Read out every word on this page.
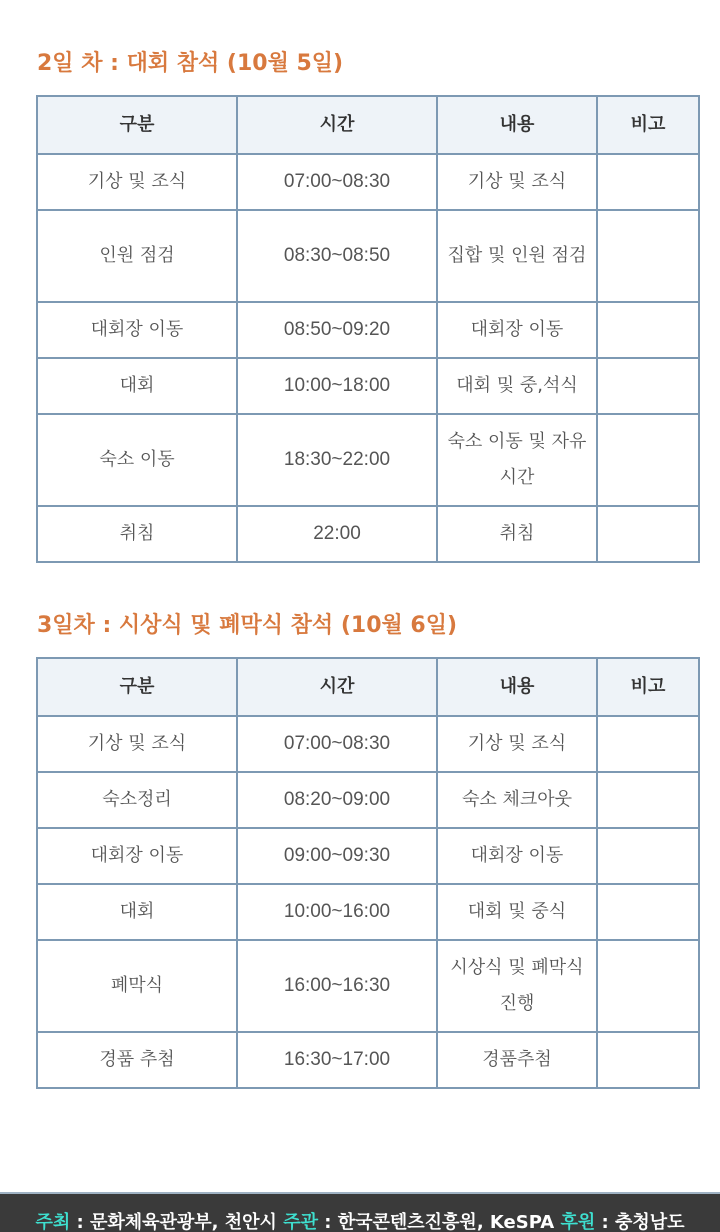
2일 차 : 대회 참석 (10월 5일)
구분	시간	내용	비고
기상 및 조식	07:00~08:30	기상 및 조식	
인원 점검	08:30~08:50	집합 및 인원 점검	
대회장 이동	08:50~09:20	대회장 이동	
대회	10:00~18:00	대회 및 중,석식	
숙소 이동	18:30~22:00	숙소 이동 및 자유시간	
취침	22:00	취침	
3일차 : 시상식 및 폐막식 참석 (10월 6일)
구분	시간	내용	비고
기상 및 조식	07:00~08:30	기상 및 조식	
숙소정리	08:20~09:00	숙소 체크아웃	
대회장 이동	09:00~09:30	대회장 이동	
대회	10:00~16:00	대회 및 중식	
폐막식	16:00~16:30	시상식 및 폐막식 진행	
경품 추첨	16:30~17:00	경품추첨	
주최 : 문화체육관광부, 천안시 주관 : 한국콘텐츠진흥원, KeSPA 후원 : 충청남도
